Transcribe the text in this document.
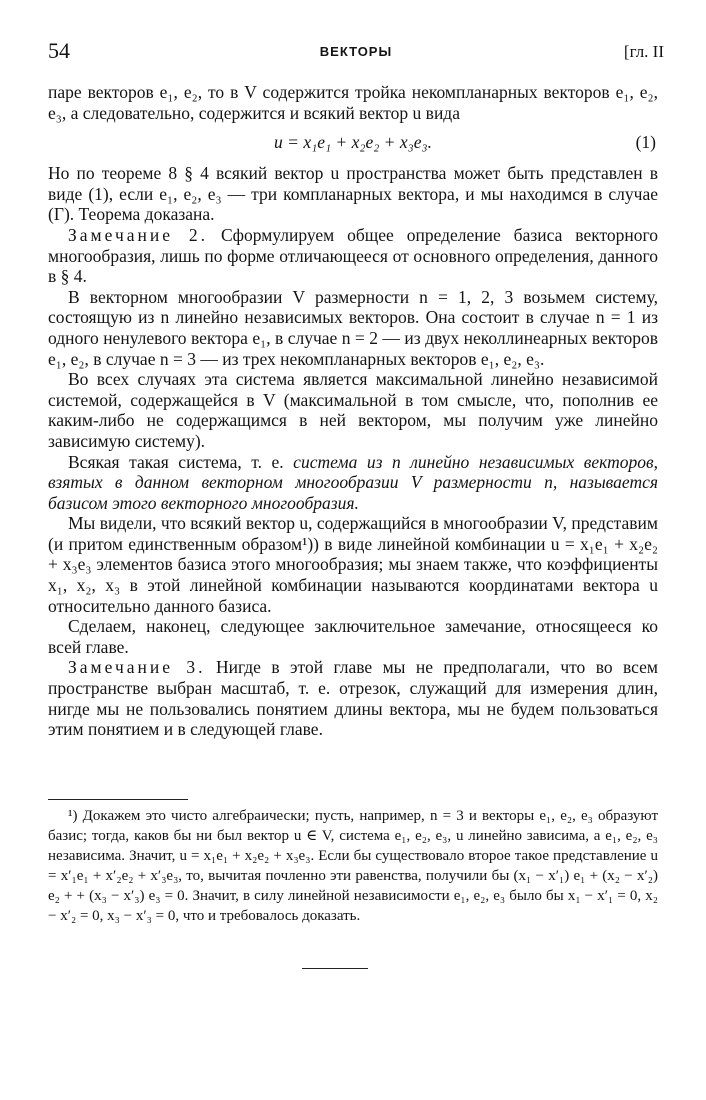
54	ВЕКТОРЫ	[гл. II

паре векторов e₁, e₂, то в V содержится тройка некомпланарных векторов e₁, e₂, e₃, а следовательно, содержится и всякий вектор u вида

u = x₁e₁ + x₂e₂ + x₃e₃.	(1)

Но по теореме 8 § 4 всякий вектор u пространства может быть представлен в виде (1), если e₁, e₂, e₃ — три компланарных вектора, и мы находимся в случае (Г). Теорема доказана.

Замечание 2. Сформулируем общее определение базиса векторного многообразия, лишь по форме отличающееся от основного определения, данного в § 4.

В векторном многообразии V размерности n = 1, 2, 3 возьмем систему, состоящую из n линейно независимых векторов. Она состоит в случае n = 1 из одного ненулевого вектора e₁, в случае n = 2 — из двух неколлинеарных векторов e₁, e₂, в случае n = 3 — из трех некомпланарных векторов e₁, e₂, e₃.

Во всех случаях эта система является максимальной линейно независимой системой, содержащейся в V (максимальной в том смысле, что, пополнив ее каким-либо не содержащимся в ней вектором, мы получим уже линейно зависимую систему).

Всякая такая система, т. е. система из n линейно независимых векторов, взятых в данном векторном многообразии V размерности n, называется базисом этого векторного многообразия.

Мы видели, что всякий вектор u, содержащийся в многообразии V, представим (и притом единственным образом¹)) в виде линейной комбинации u = x₁e₁ + x₂e₂ + x₃e₃ элементов базиса этого многообразия; мы знаем также, что коэффициенты x₁, x₂, x₃ в этой линейной комбинации называются координатами вектора u относительно данного базиса.

Сделаем, наконец, следующее заключительное замечание, относящееся ко всей главе.

Замечание 3. Нигде в этой главе мы не предполагали, что во всем пространстве выбран масштаб, т. е. отрезок, служащий для измерения длин, нигде мы не пользовались понятием длины вектора, мы не будем пользоваться этим понятием и в следующей главе.

¹) Докажем это чисто алгебраически; пусть, например, n = 3 и векторы e₁, e₂, e₃ образуют базис; тогда, каков бы ни был вектор u ∈ V, система e₁, e₂, e₃, u линейно зависима, а e₁, e₂, e₃ независима. Значит, u = x₁e₁ + x₂e₂ + x₃e₃. Если бы существовало второе такое представление u = x′₁e₁ + x′₂e₂ + x′₃e₃, то, вычитая почленно эти равенства, получили бы (x₁ − x′₁) e₁ + (x₂ − x′₂) e₂ + + (x₃ − x′₃) e₃ = 0. Значит, в силу линейной независимости e₁, e₂, e₃ было бы x₁ − x′₁ = 0, x₂ − x′₂ = 0, x₃ − x′₃ = 0, что и требовалось доказать.
